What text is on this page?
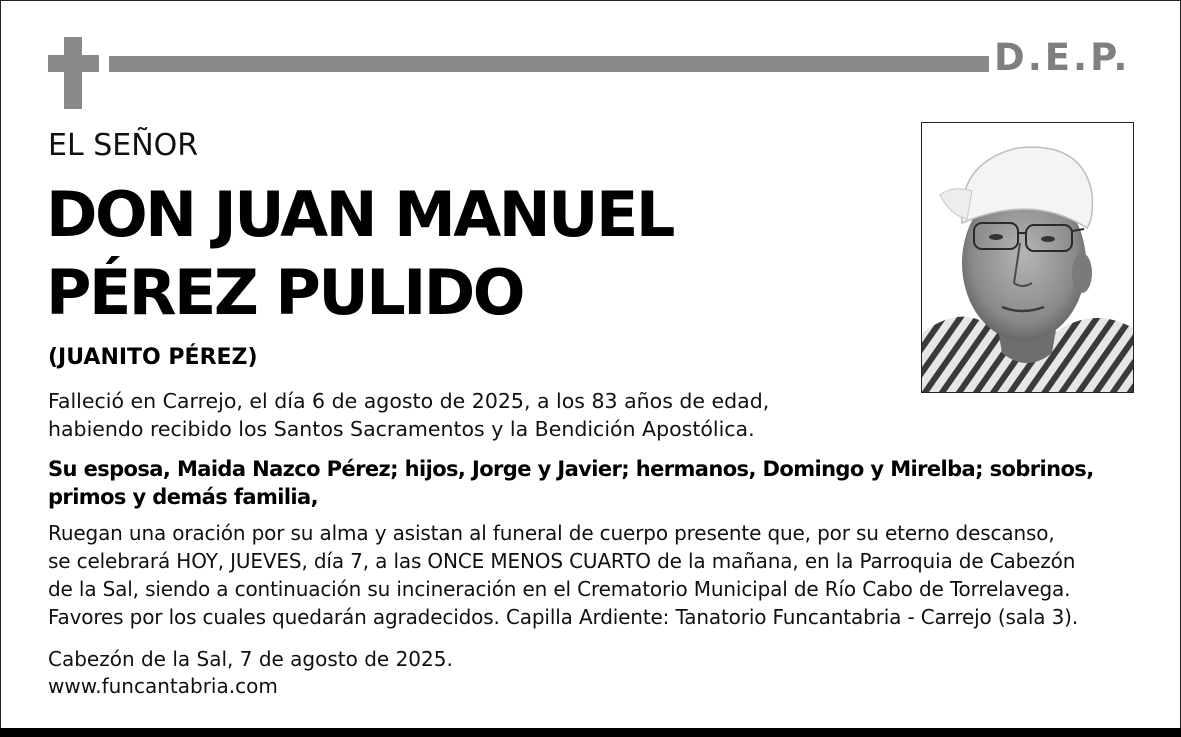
D.E.P.
EL SEÑOR
DON JUAN MANUEL
PÉREZ PULIDO
(JUANITO PÉREZ)
Falleció en Carrejo, el día 6 de agosto de 2025, a los 83 años de edad,
habiendo recibido los Santos Sacramentos y la Bendición Apostólica.
Su esposa, Maida Nazco Pérez; hijos, Jorge y Javier; hermanos, Domingo y Mirelba; sobrinos, primos y demás familia,
Ruegan una oración por su alma y asistan al funeral de cuerpo presente que, por su eterno descanso,
se celebrará HOY, JUEVES, día 7, a las ONCE MENOS CUARTO de la mañana, en la Parroquia de Cabezón
de la Sal, siendo a continuación su incineración en el Crematorio Municipal de Río Cabo de Torrelavega.
Favores por los cuales quedarán agradecidos. Capilla Ardiente: Tanatorio Funcantabria - Carrejo (sala 3).
Cabezón de la Sal, 7 de agosto de 2025.
www.funcantabria.com
